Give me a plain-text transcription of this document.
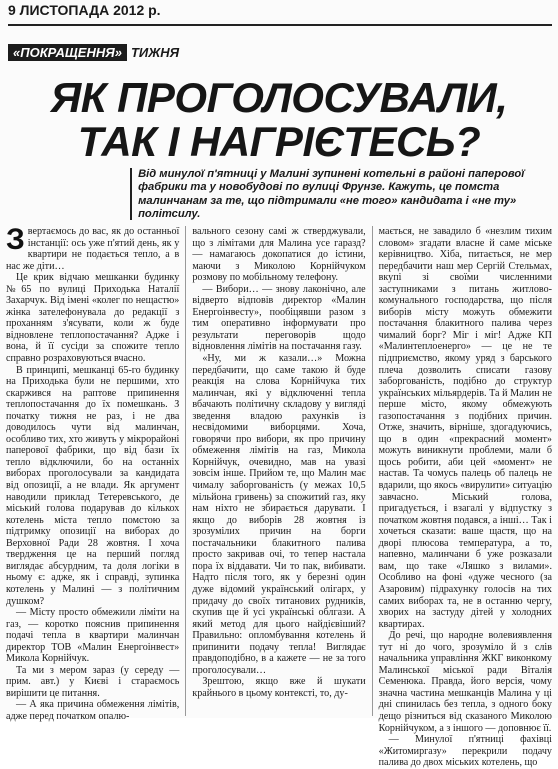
9 ЛИСТОПАДА 2012 р.
«ПОКРАЩЕННЯ» ТИЖНЯ
ЯК ПРОГОЛОСУВАЛИ,
ТАК І НАГРІЄТЕСЬ?
Від минулої п'ятниці у Малині зупинені котельні в районі паперової фабрики та у новобудові по вулиці Фрунзе. Кажуть, це помста малинчанам за те, що підтримали «не того» кандидата і «не ту» політсилу.

Звертаємось до вас, як до останньої інстанції: ось уже п'ятий день, як у квартири не подається тепло, а в нас же діти…

Це крик відчаю мешканки будинку №65 по вулиці Приходька Наталії Захарчук. Від імені «колег по нещастю» жінка зателефонувала до редакції з проханням з'ясувати, коли ж буде відновлене теплопостачання? Адже і вона, й її сусіди за спожите тепло справно розраховуються вчасно.

В принципі, мешканці 65-го будинку на Приходька були не першими, хто скаржився на раптове припинення теплопостачання до їх помешкань. З початку тижня не раз, і не два доводилось чути від малинчан, особливо тих, хто живуть у мікрорайоні паперової фабрики, що від бази їх тепло відключили, бо на останніх виборах проголосували за кандидата від опозиції, а не влади. Як аргумент наводили приклад Тетеревського, де міський голова подарував до кількох котелень міста тепло помстою за підтримку опозиції на виборах до Верховної Ради 28 жовтня. І хоча твердження це на перший погляд виглядає абсурдним, та доля логіки в ньому є: адже, як і справді, зупинка котелень у Малині — з політичним душком?

— Місту просто обмежили ліміти на газ, — коротко пояснив припинення подачі тепла в квартири малинчан директор ТОВ «Малин Енергоінвест» Микола Корнійчук.

Та ми з мером зараз (у середу — прим. авт.) у Києві і стараємось вирішити це питання.

— А яка причина обмеження лімітів, адже перед початком опалю-

вального сезону самі ж стверджували, що з лімітами для Малина усе гаразд? — намагаюсь докопатися до істини, маючи з Миколою Корнійчуком розмову по мобільному телефону.

— Вибори… — знову лаконічно, але відверто відповів директор «Малин Енергоінвесту», пообіцявши разом з тим оперативно інформувати про результати переговорів щодо відновлення лімітів на постачання газу.

«Ну, ми ж казали…» Можна передбачити, що саме такою й буде реакція на слова Корнійчука тих малинчан, які у відключенні тепла вбачають політичну складову у вигляді зведення владою рахунків із несвідомими виборцями. Хоча, говорячи про вибори, як про причину обмеження лімітів на газ, Микола Корнійчук, очевидно, мав на увазі зовсім інше. Прийом те, що Малин має чималу заборгованість (у межах 10,5 мільйона гривень) за спожитий газ, яку нам ніхто не збирається дарувати. І якщо до виборів 28 жовтня із зрозумілих причин на борги постачальники блакитного палива просто закривав очі, то тепер настала пора їх віддавати. Чи то пак, вибивати. Надто після того, як у березні один дуже відомий український олігарх, у придачу до своїх титанових рудників, скупив ще й усі українські облгази. А який метод для цього найдієвіший? Правильно: опломбування котелень й припинити подачу тепла! Виглядає правдоподібно, в а кажете — не за того проголосували…

Зрештою, якщо вже й шукати крайнього в цьому контексті, то, ду-

мається, не завадило б «незлим тихим словом» згадати власне й саме міське керівництво. Хіба, питається, не мер передбачити наш мер Сергій Стельмах, вкупі зі своїми численними заступниками з питань житлово-комунального господарства, що після виборів місту можуть обмежити постачання блакитного палива через чималий борг? Міг і міг! Адже КП «Малинтеплоенерго» — це не те підприємство, якому уряд з барського плеча дозволить списати газову заборгованість, подібно до структур українських мільярдерів. Та й Малин не перше місто, якому обмежують газопостачання з подібних причин. Отже, значить, вірніше, здогадуючись, що в один «прекрасний момент» можуть виникнути проблеми, мали б щось робити, аби цей «момент» не настав. Та чомусь палець об палець не вдарили, що якось «вирулити» ситуацію завчасно. Міський голова, пригадується, і взагалі у відпустку з початком жовтня подався, а інші… Так і хочеться сказати: ваше щастя, що на дворі плюсова температура, а то, напевно, малинчани б уже розказали вам, що таке «Ляшко з вилами». Особливо на фоні «дуже чесного (за Азаровим) підрахунку голосів на тих самих виборах та, не в останню чергу, хворих на застуду дітей у холодних квартирах.

До речі, що народне волевиявлення тут ні до чого, зрозуміло й з слів начальника управління ЖКГ виконкому Малинської міської ради Віталія Семенюка. Правда, його версія, чому значна частина мешканців Малина у ці дні спинилась без тепла, з одного боку дещо різниться від сказаного Миколою Корнійчуком, а з іншого — доповнює її.

— Минулої п'ятниці фахівці «Житомиргазу» перекрили подачу палива до двох міських котелень, що
